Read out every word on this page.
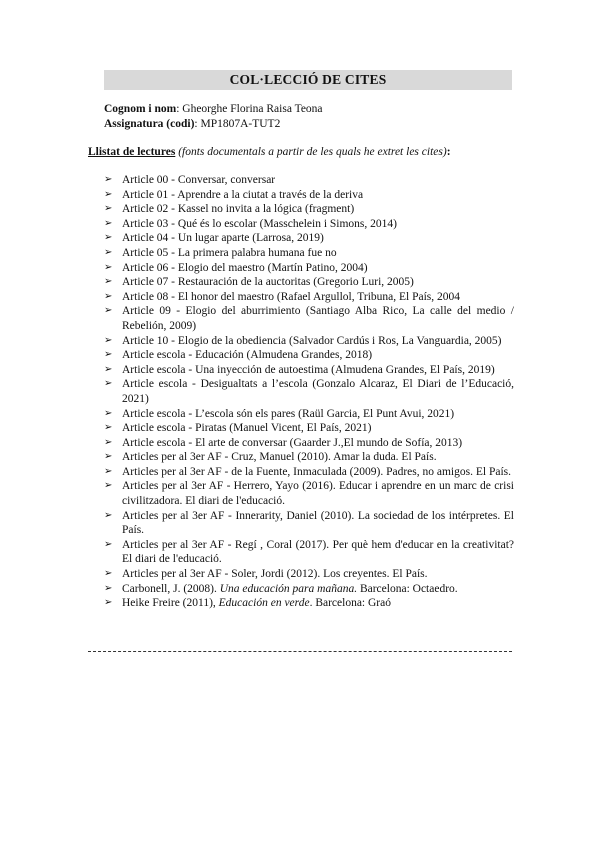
COL·LECCIÓ DE CITES
Cognom i nom: Gheorghe Florina Raisa Teona
Assignatura (codi): MP1807A-TUT2
Llistat de lectures (fonts documentals a partir de les quals he extret les cites):
➢ Article 00 - Conversar, conversar
➢ Article 01 - Aprendre a la ciutat a través de la deriva
➢ Article 02 - Kassel no invita a la lógica (fragment)
➢ Article 03 - Qué és lo escolar (Masschelein i Simons, 2014)
➢ Article 04 - Un lugar aparte (Larrosa, 2019)
➢ Article 05 - La primera palabra humana fue no
➢ Article 06 - Elogio del maestro (Martín Patino, 2004)
➢ Article 07 - Restauración de la auctoritas (Gregorio Luri, 2005)
➢ Article 08 - El honor del maestro (Rafael Argullol, Tribuna, El País, 2004
➢ Article 09 - Elogio del aburrimiento (Santiago Alba Rico, La calle del medio / Rebelión, 2009)
➢ Article 10 - Elogio de la obediencia (Salvador Cardús i Ros, La Vanguardia, 2005)
➢ Article escola - Educación (Almudena Grandes, 2018)
➢ Article escola - Una inyección de autoestima (Almudena Grandes, El País, 2019)
➢ Article escola - Desigualtats a l’escola (Gonzalo Alcaraz, El Diari de l’Educació, 2021)
➢ Article escola - L’escola són els pares (Raül Garcia, El Punt Avui, 2021)
➢ Article escola - Piratas (Manuel Vicent, El País, 2021)
➢ Article escola - El arte de conversar (Gaarder J.,El mundo de Sofía, 2013)
➢ Articles per al 3er AF - Cruz, Manuel (2010). Amar la duda. El País.
➢ Articles per al 3er AF - de la Fuente, Inmaculada (2009). Padres, no amigos. El País.
➢ Articles per al 3er AF - Herrero, Yayo (2016). Educar i aprendre en un marc de crisi civilitzadora. El diari de l'educació.
➢ Articles per al 3er AF - Innerarity, Daniel (2010). La sociedad de los intérpretes. El País.
➢ Articles per al 3er AF - Regí , Coral (2017). Per què hem d'educar en la creativitat? El diari de l'educació.
➢ Articles per al 3er AF - Soler, Jordi (2012). Los creyentes. El País.
➢ Carbonell, J. (2008). Una educación para mañana. Barcelona: Octaedro.
➢ Heike Freire (2011), Educación en verde. Barcelona: Graó
